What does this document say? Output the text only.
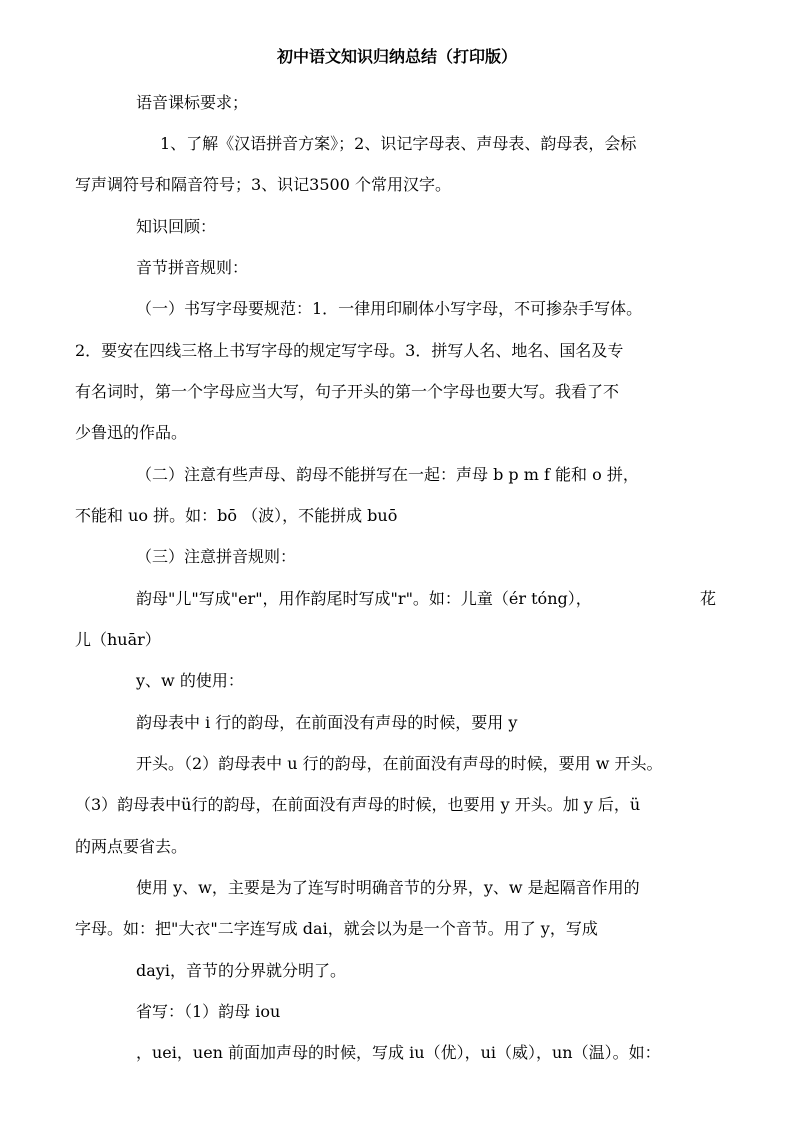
初中语文知识归纳总结（打印版）
语音课标要求；
1、了解《汉语拼音方案》；2、识记字母表、声母表、韵母表，会标
写声调符号和隔音符号；3、识记3500 个常用汉字。
知识回顾：
音节拼音规则：
（一）书写字母要规范：1．一律用印刷体小写字母，不可掺杂手写体。
2．要安在四线三格上书写字母的规定写字母。3．拼写人名、地名、国名及专
有名词时，第一个字母应当大写，句子开头的第一个字母也要大写。我看了不
少鲁迅的作品。
（二）注意有些声母、韵母不能拼写在一起：声母 b p m f 能和 o 拼，
不能和 uo 拼。如：bō （波），不能拼成 buō
（三）注意拼音规则：
韵母"儿"写成"er"，用作韵尾时写成"r"。如：儿童（ér tóng），	花
儿（huār）
y、w 的使用：
韵母表中 i 行的韵母，在前面没有声母的时候，要用 y
开头。（2）韵母表中 u 行的韵母，在前面没有声母的时候，要用 w 开头。
（3）韵母表中ü行的韵母，在前面没有声母的时候，也要用 y 开头。加 y 后，ü
的两点要省去。
使用 y、w，主要是为了连写时明确音节的分界，y、w 是起隔音作用的
字母。如：把"大衣"二字连写成 dai，就会以为是一个音节。用了 y，写成
dayi，音节的分界就分明了。
省写：（1）韵母 iou
，uei，uen 前面加声母的时候，写成 iu（优），ui（威），un（温）。如：
